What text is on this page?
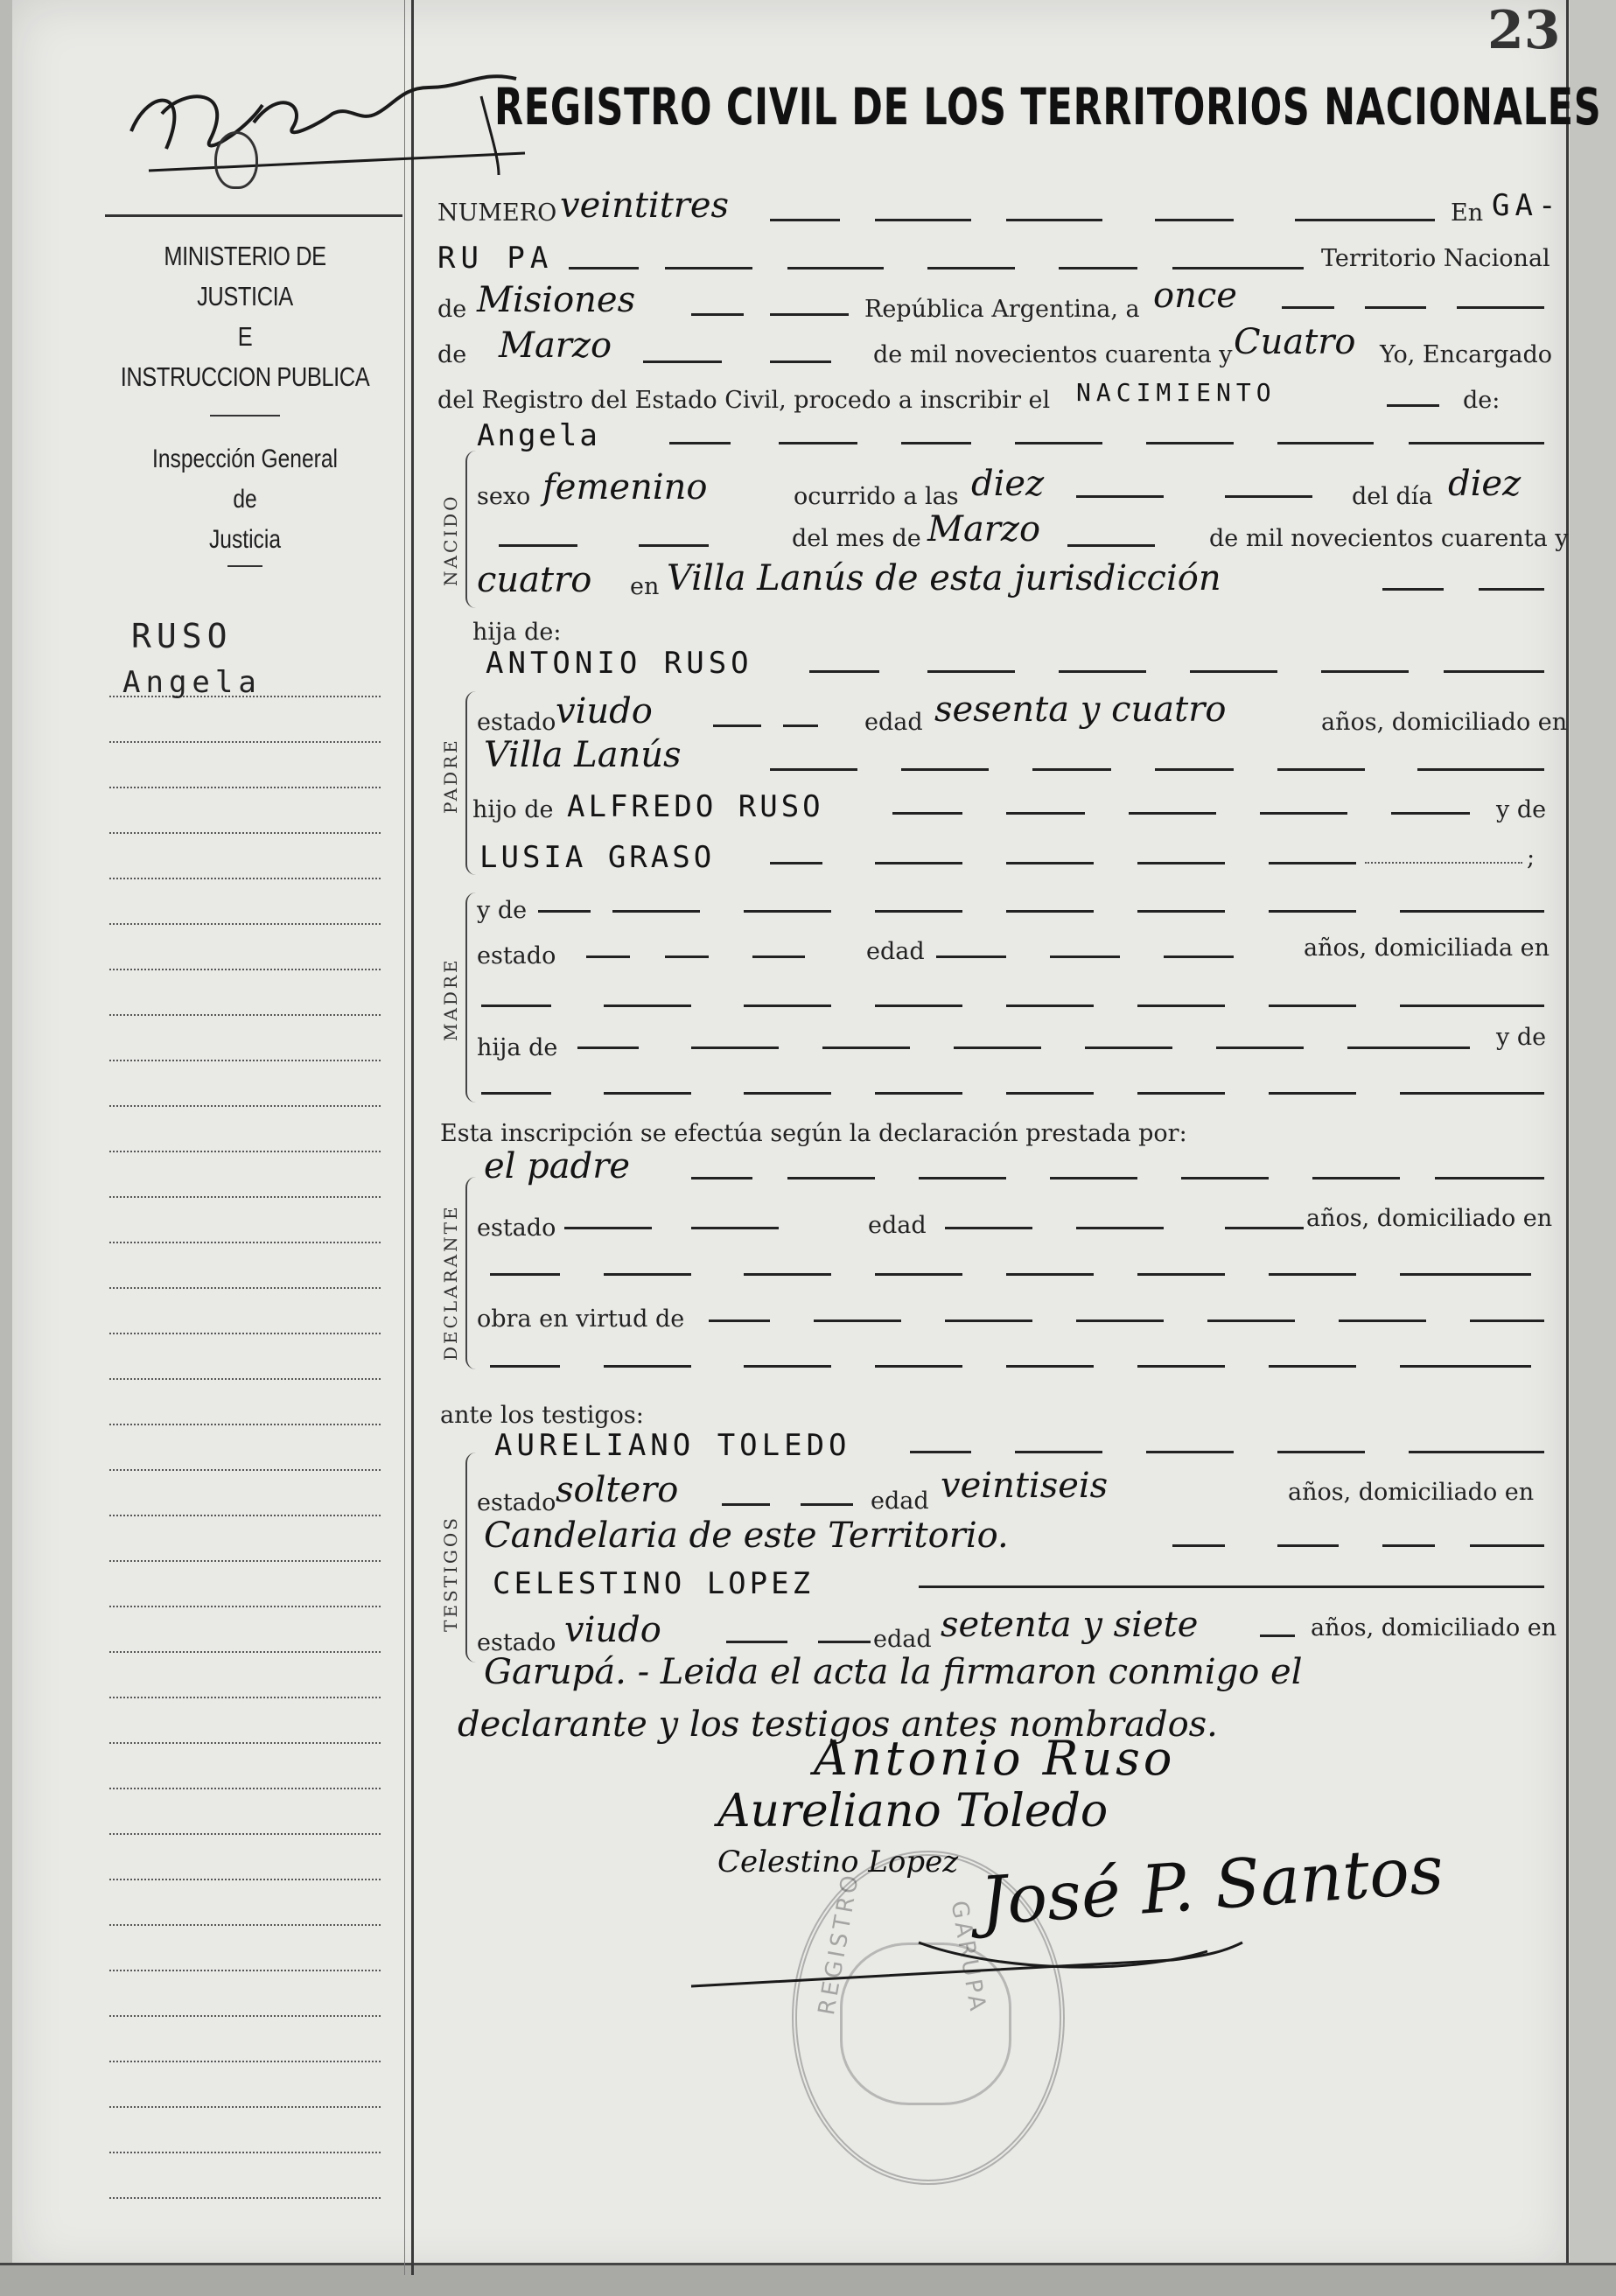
23
REGISTRO CIVIL DE LOS TERRITORIOS NACIONALES
MINISTERIO DE JUSTICIA
E
INSTRUCCION PUBLICA
Inspección General
de
Justicia
RUSO
Angela
NUMERO veintitres	En GA-
RU PA	Territorio Nacional
de Misiones	República Argentina, a once
de Marzo	de mil novecientos cuarenta y Cuatro Yo, Encargado
del Registro del Estado Civil, procedo a inscribir el NACIMIENTO	de:
Angela
NACIDO sexo femenino	ocurrido a las diez	del día diez
del mes de Marzo	de mil novecientos cuarenta y
cuatro en Villa Lanús de esta jurisdicción
hija de:
ANTONIO RUSO
PADRE
estado viudo	edad sesenta y cuatro	años, domiciliado en
Villa Lanús
hijo de ALFREDO RUSO	y de
LUSIA GRASO	;
MADRE
y de
estado	edad	años, domiciliada en
hija de	y de
Esta inscripción se efectúa según la declaración prestada por:
el padre
DECLARANTE estado	edad	años, domiciliado en
obra en virtud de
ante los testigos:
AURELIANO TOLEDO
TESTIGOS
estado soltero	edad veintiseis	años, domiciliado en
Candelaria de este Territorio.
CELESTINO LOPEZ
estado viudo	edad setenta y siete	años, domiciliado en
Garupá. - Leida el acta la firmaron conmigo el
declarante y los testigos antes nombrados.
REGISTRO	GARUPA
Antonio Ruso
Aureliano Toledo
Celestino Lopez José P. Santos
